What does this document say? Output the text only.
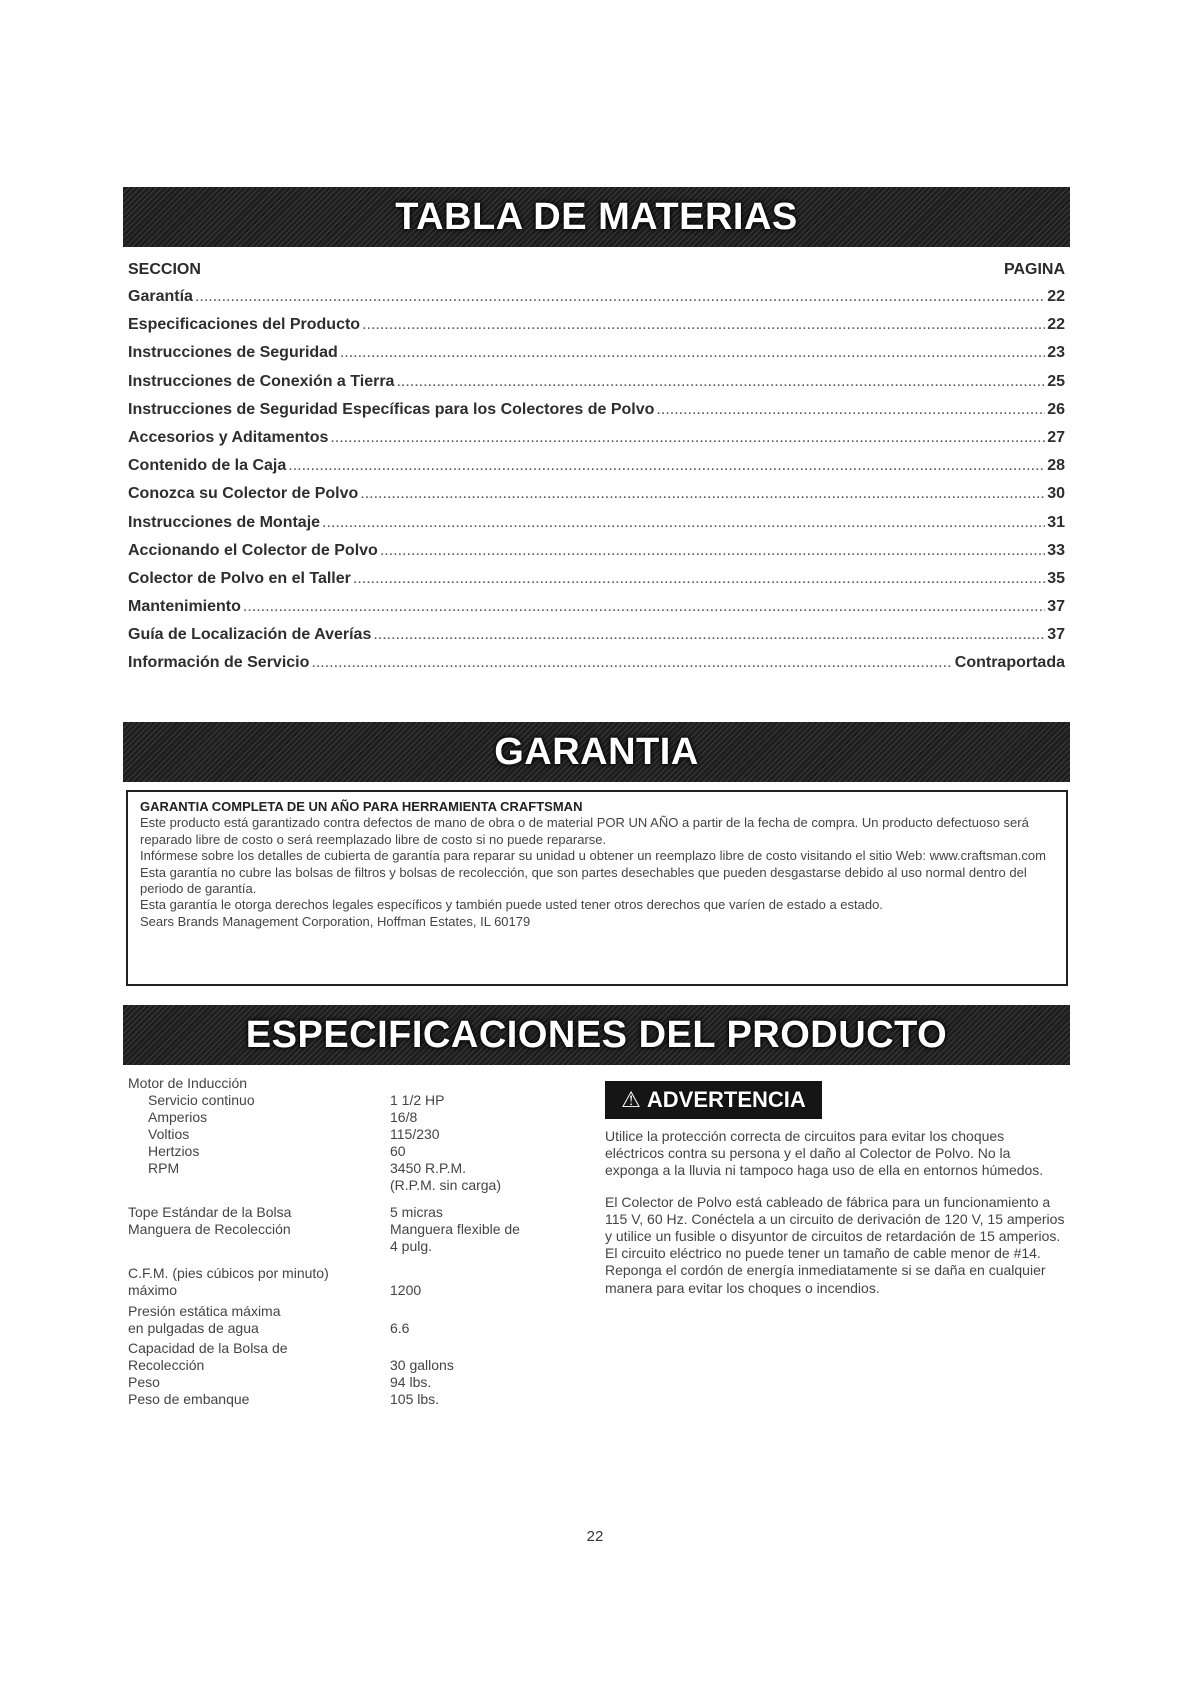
TABLA DE MATERIAS
SECCION	PAGINA
Garantía .....	22
Especificaciones del Producto .....	22
Instrucciones de Seguridad .....	23
Instrucciones de Conexión a Tierra .....	25
Instrucciones de Seguridad Específicas para los Colectores de Polvo .....	26
Accesorios y Aditamentos .....	27
Contenido de la Caja .....	28
Conozca su Colector de Polvo .....	30
Instrucciones de Montaje .....	31
Accionando el Colector de Polvo .....	33
Colector de Polvo en el Taller .....	35
Mantenimiento .....	37
Guía de Localización de Averías .....	37
Información de Servicio .....	Contraportada
GARANTIA
GARANTIA COMPLETA DE UN AÑO PARA HERRAMIENTA CRAFTSMAN

Este producto está garantizado contra defectos de mano de obra o de material POR UN AÑO a partir de la fecha de compra. Un producto defectuoso será reparado libre de costo o será reemplazado libre de costo si no puede repararse.

Infórmese sobre los detalles de cubierta de garantía para reparar su unidad u obtener un reemplazo libre de costo visitando el sitio Web: www.craftsman.com

Esta garantía no cubre las bolsas de filtros y bolsas de recolección, que son partes desechables que pueden desgastarse debido al uso normal dentro del periodo de garantía.

Esta garantía le otorga derechos legales específicos y también puede usted tener otros derechos que varíen de estado a estado.

Sears Brands Management Corporation, Hoffman Estates, IL 60179

ESPECIFICACIONES DEL PRODUCTO
Motor de Inducción
Servicio continuo	1 1/2 HP
Amperios	16/8
Voltios	115/230
Hertzios	60
RPM	3450 R.P.M.
(R.P.M. sin carga)
Tope Estándar de la Bolsa	5 micras
Manguera de Recolección	Manguera flexible de
4 pulg.
C.F.M. (pies cúbicos por minuto)
máximo	1200
Presión estática máxima
en pulgadas de agua	6.6
Capacidad de la Bolsa de
Recolección	30 gallons
Peso	94 lbs.
Peso de embanque	105 lbs.
⚠ ADVERTENCIA

Utilice la protección correcta de circuitos para evitar los choques eléctricos contra su persona y el daño al Colector de Polvo. No la exponga a la lluvia ni tampoco haga uso de ella en entornos húmedos.

El Colector de Polvo está cableado de fábrica para un funcionamiento a 115 V, 60 Hz. Conéctela a un circuito de derivación de 120 V, 15 amperios y utilice un fusible o disyuntor de circuitos de retardación de 15 amperios. El circuito eléctrico no puede tener un tamaño de cable menor de #14. Reponga el cordón de energía inmediatamente si se daña en cualquier manera para evitar los choques o incendios.

22
